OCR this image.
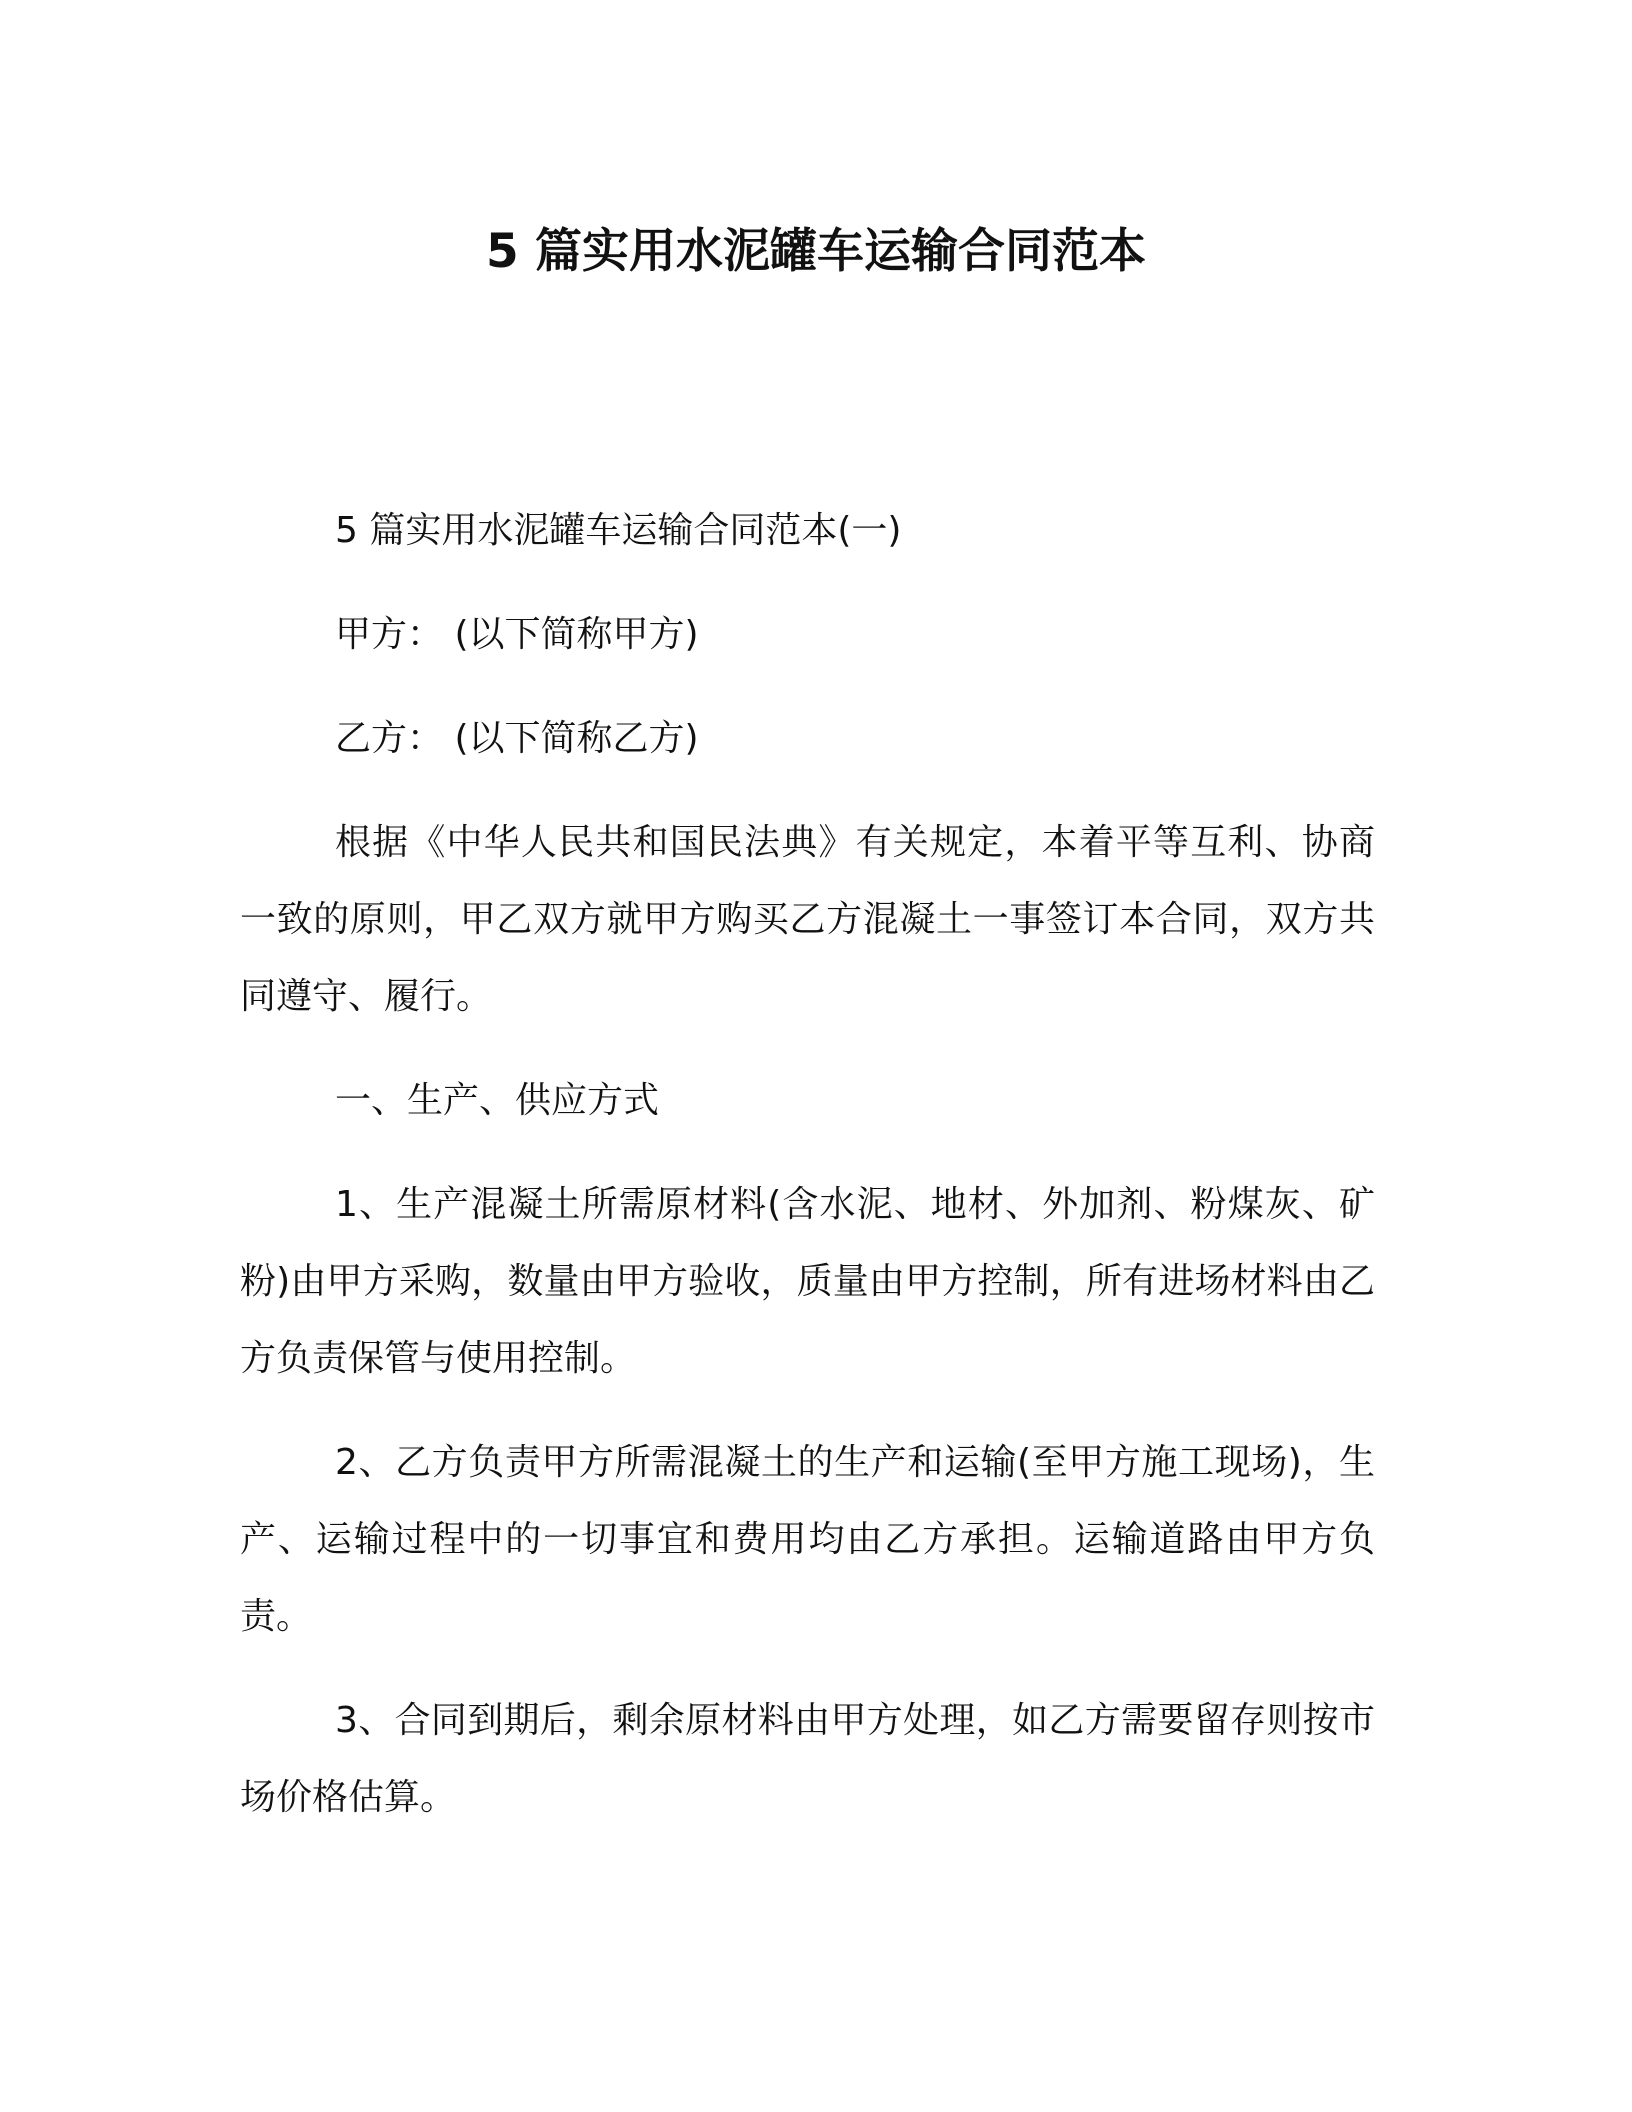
5 篇实用水泥罐车运输合同范本

5 篇实用水泥罐车运输合同范本(一)

甲方： (以下简称甲方)

乙方： (以下简称乙方)

根据《中华人民共和国民法典》有关规定，本着平等互利、协商一致的原则，甲乙双方就甲方购买乙方混凝土一事签订本合同，双方共同遵守、履行。

一、生产、供应方式

1、生产混凝土所需原材料(含水泥、地材、外加剂、粉煤灰、矿粉)由甲方采购，数量由甲方验收，质量由甲方控制，所有进场材料由乙方负责保管与使用控制。

2、乙方负责甲方所需混凝土的生产和运输(至甲方施工现场)，生产、运输过程中的一切事宜和费用均由乙方承担。运输道路由甲方负责。

3、合同到期后，剩余原材料由甲方处理，如乙方需要留存则按市场价格估算。
